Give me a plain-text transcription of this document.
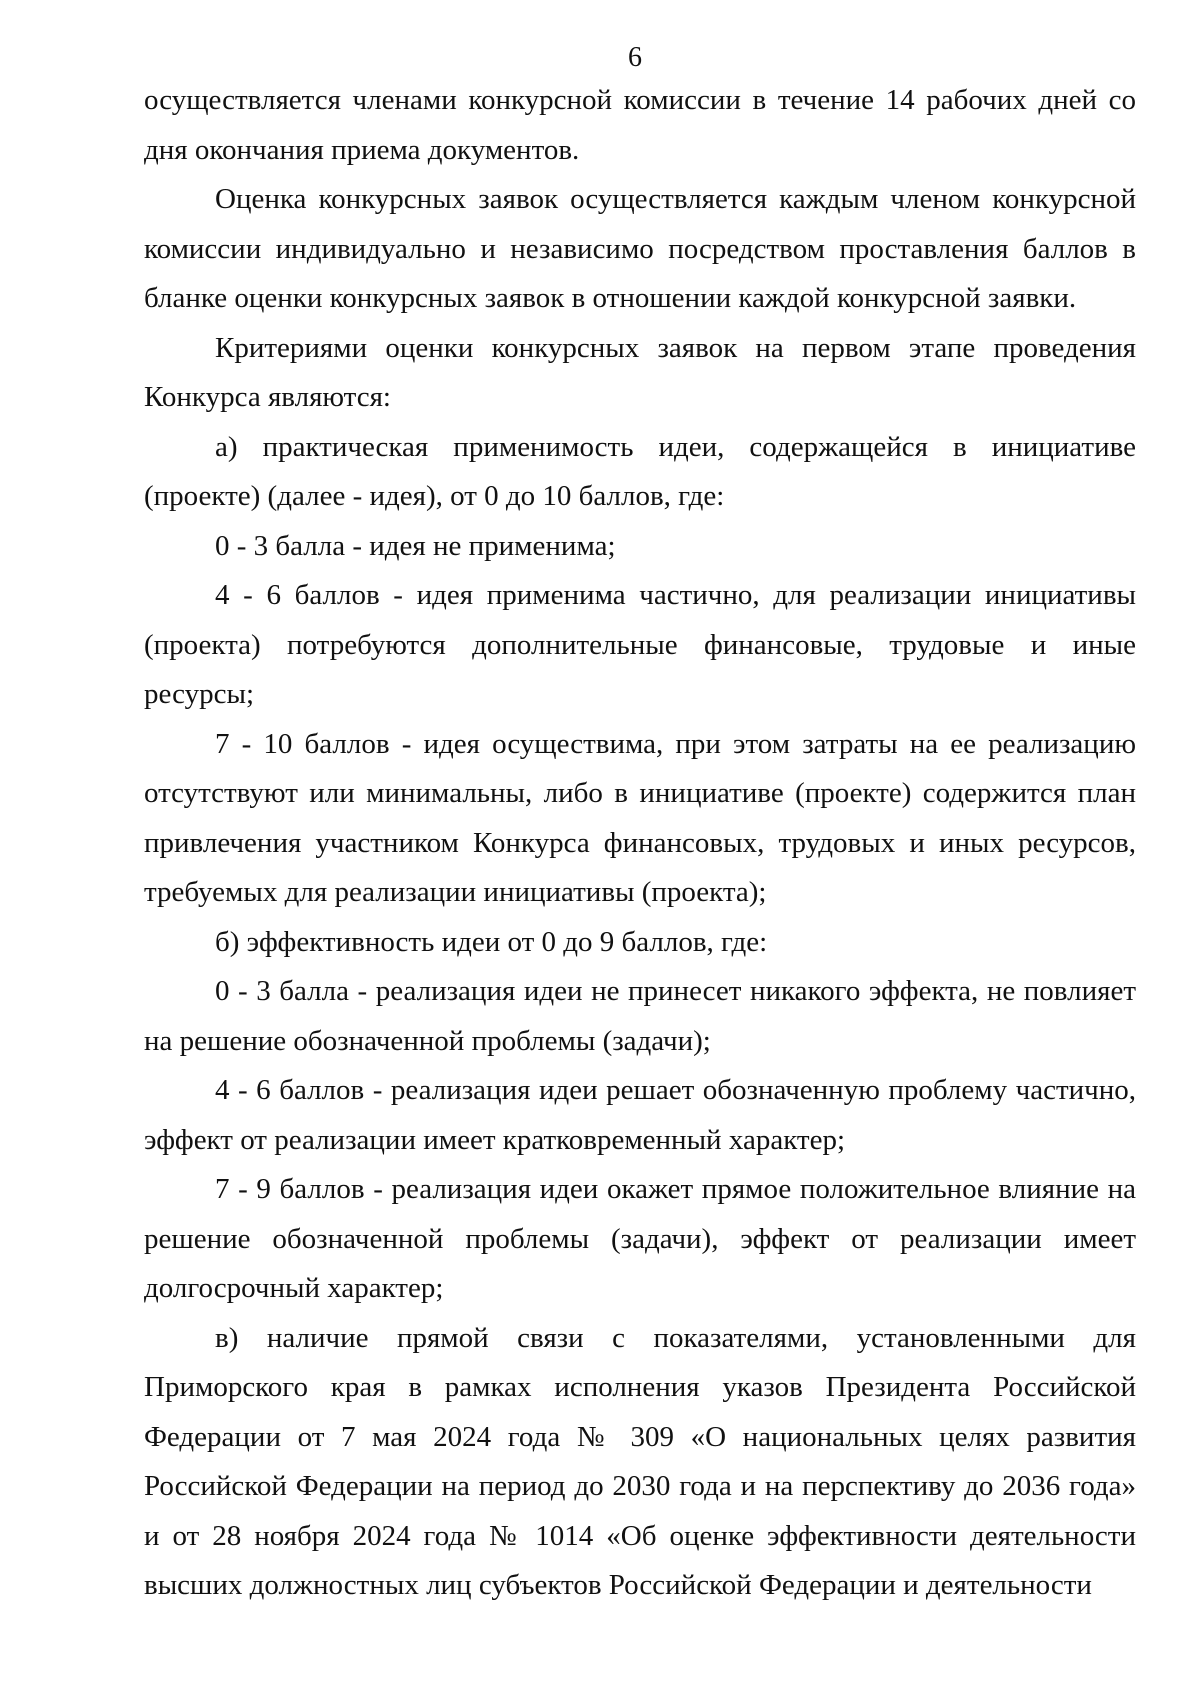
6

осуществляется членами конкурсной комиссии в течение 14 рабочих дней со дня окончания приема документов.

Оценка конкурсных заявок осуществляется каждым членом конкурсной комиссии индивидуально и независимо посредством проставления баллов в бланке оценки конкурсных заявок в отношении каждой конкурсной заявки.

Критериями оценки конкурсных заявок на первом этапе проведения Конкурса являются:

а) практическая применимость идеи, содержащейся в инициативе (проекте) (далее - идея), от 0 до 10 баллов, где:

0 - 3 балла - идея не применима;

4 - 6 баллов - идея применима частично, для реализации инициативы (проекта) потребуются дополнительные финансовые, трудовые и иные ресурсы;

7 - 10 баллов - идея осуществима, при этом затраты на ее реализацию отсутствуют или минимальны, либо в инициативе (проекте) содержится план привлечения участником Конкурса финансовых, трудовых и иных ресурсов, требуемых для реализации инициативы (проекта);

б) эффективность идеи от 0 до 9 баллов, где:

0 - 3 балла - реализация идеи не принесет никакого эффекта, не повлияет на решение обозначенной проблемы (задачи);

4 - 6 баллов - реализация идеи решает обозначенную проблему частично, эффект от реализации имеет кратковременный характер;

7 - 9 баллов - реализация идеи окажет прямое положительное влияние на решение обозначенной проблемы (задачи), эффект от реализации имеет долгосрочный характер;

в) наличие прямой связи с показателями, установленными для Приморского края в рамках исполнения указов Президента Российской Федерации от 7 мая 2024 года № 309 «О национальных целях развития Российской Федерации на период до 2030 года и на перспективу до 2036 года» и от 28 ноября 2024 года № 1014 «Об оценке эффективности деятельности высших должностных лиц субъектов Российской Федерации и деятельности
